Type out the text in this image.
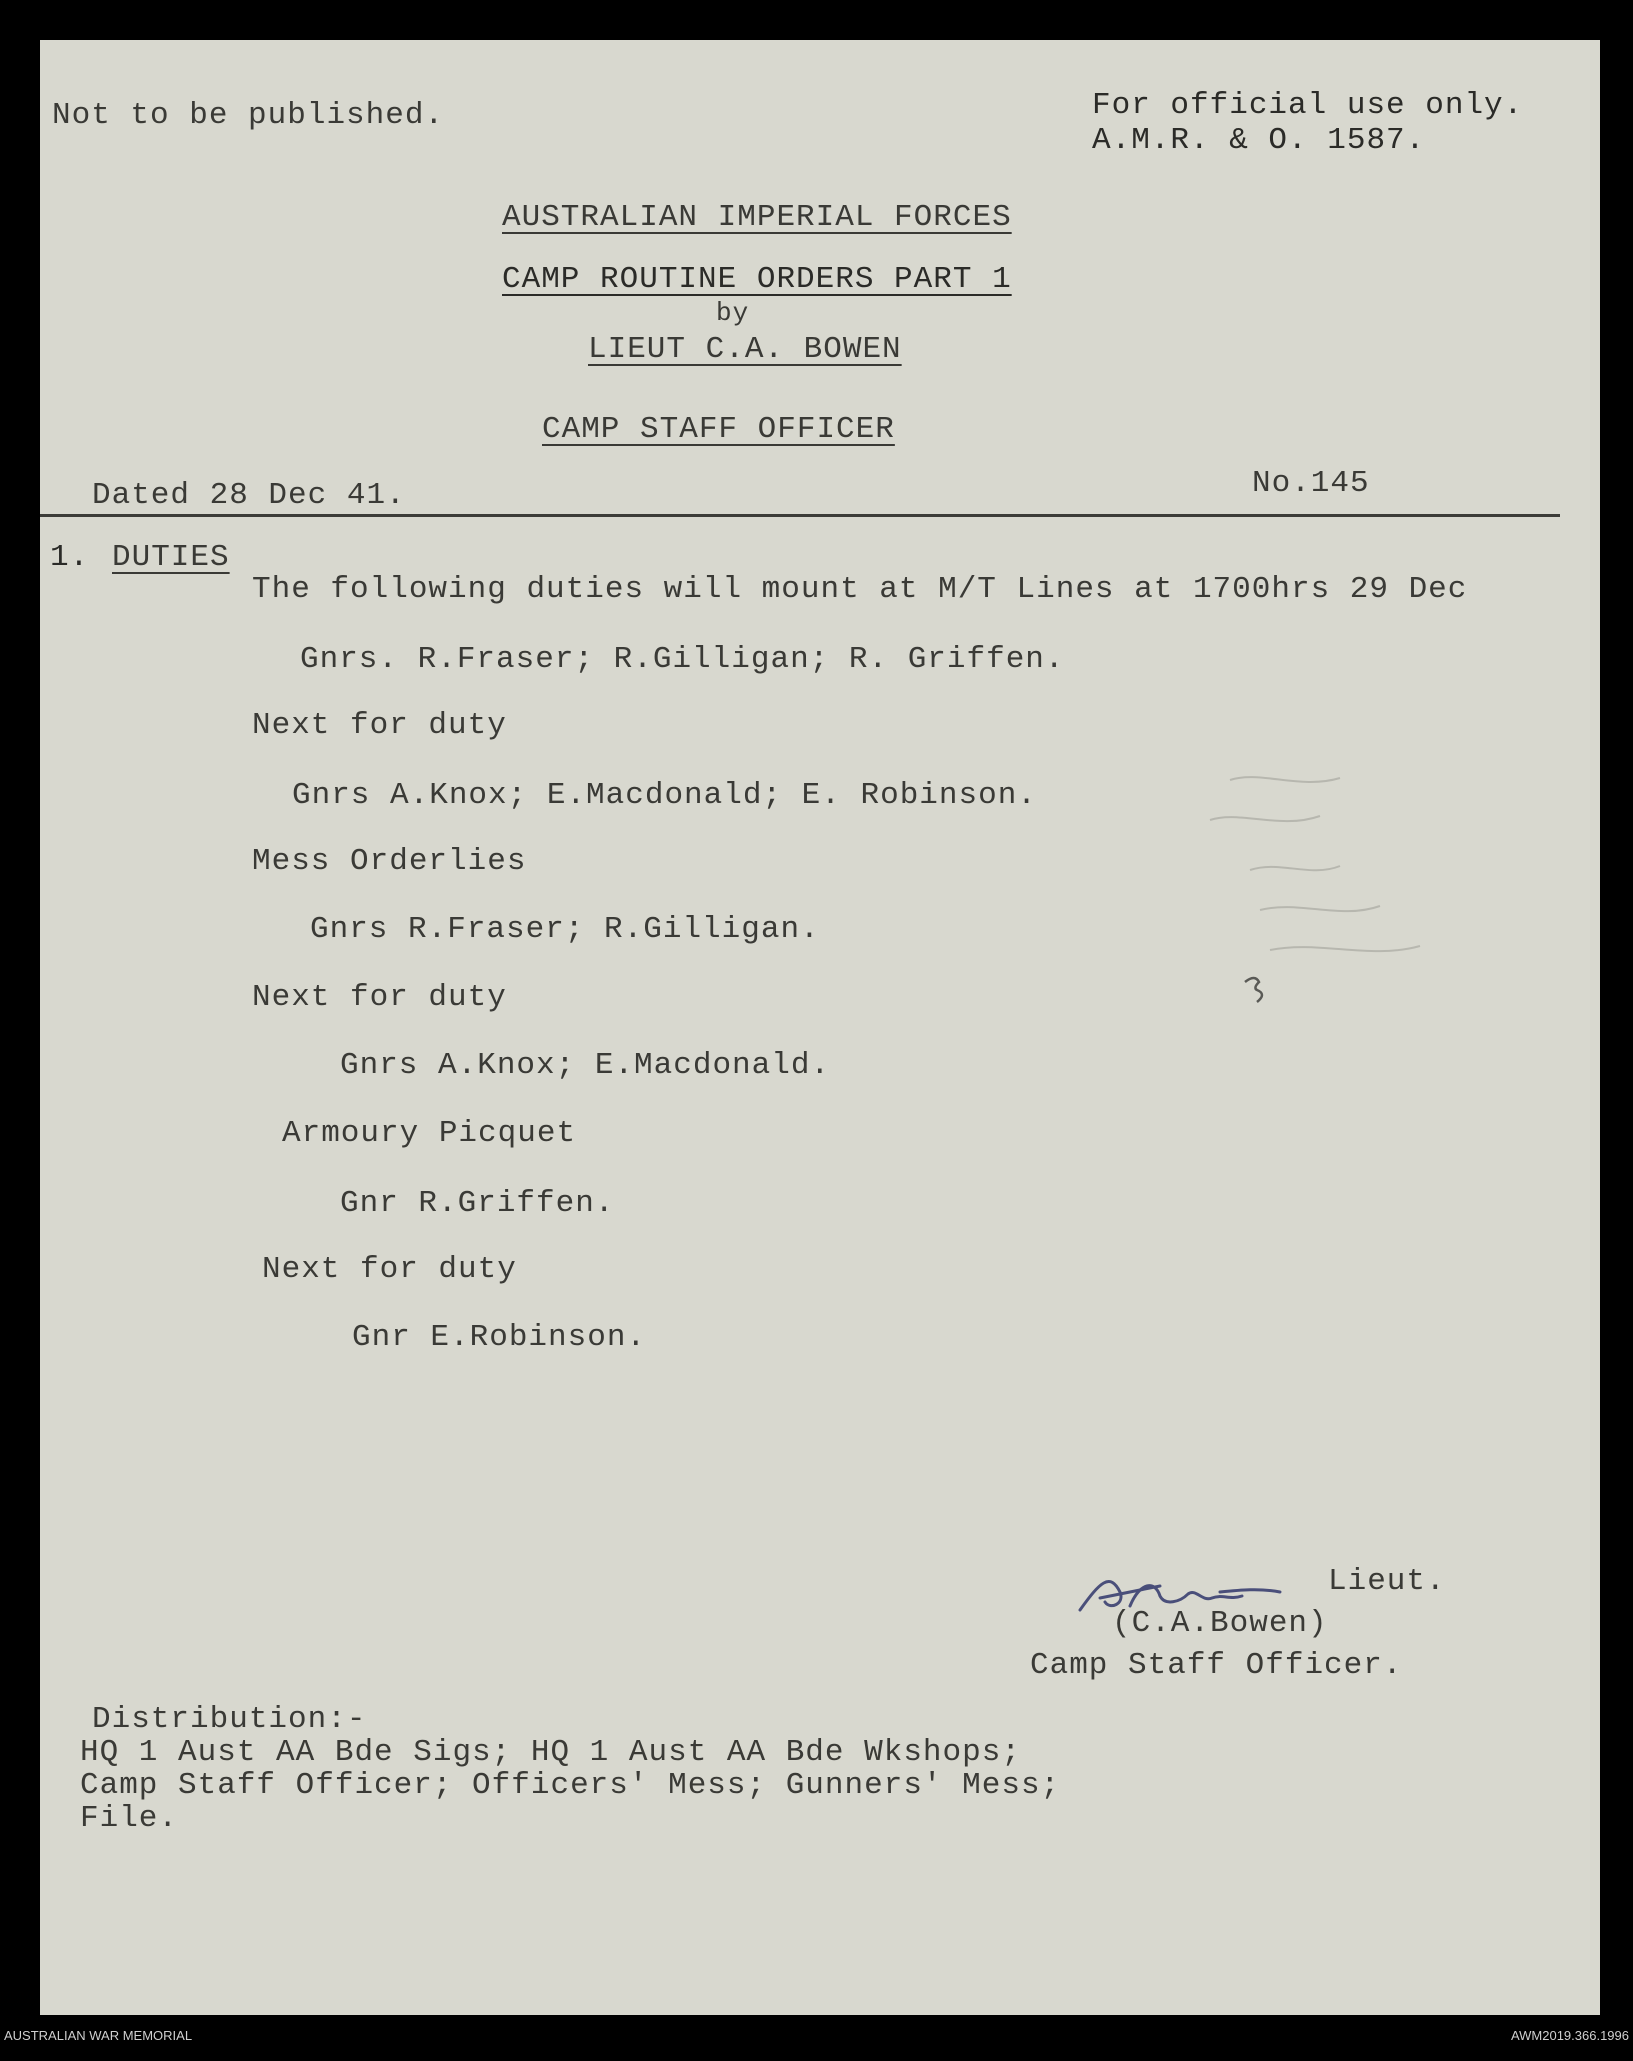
Not to be published.	For official use only.
A.M.R. & O. 1587.
AUSTRALIAN IMPERIAL FORCES
CAMP ROUTINE ORDERS PART 1
by
LIEUT C.A. BOWEN
CAMP STAFF OFFICER
Dated 28 Dec 41.	No.145
1. DUTIES
The following duties will mount at M/T Lines at 1700hrs 29 Dec
Gnrs. R.Fraser; R.Gilligan; R. Griffen.
Next for duty
Gnrs A.Knox; E.Macdonald; E. Robinson.
Mess Orderlies
Gnrs R.Fraser; R.Gilligan.
Next for duty
Gnrs A.Knox; E.Macdonald.
Armoury Picquet
Gnr R.Griffen.
Next for duty
Gnr E.Robinson.
Lieut.
(C.A.Bowen)
Camp Staff Officer.
Distribution:-
HQ 1 Aust AA Bde Sigs; HQ 1 Aust AA Bde Wkshops;
Camp Staff Officer; Officers' Mess; Gunners' Mess;
File.
AUSTRALIAN WAR MEMORIAL	AWM2019.366.1996
